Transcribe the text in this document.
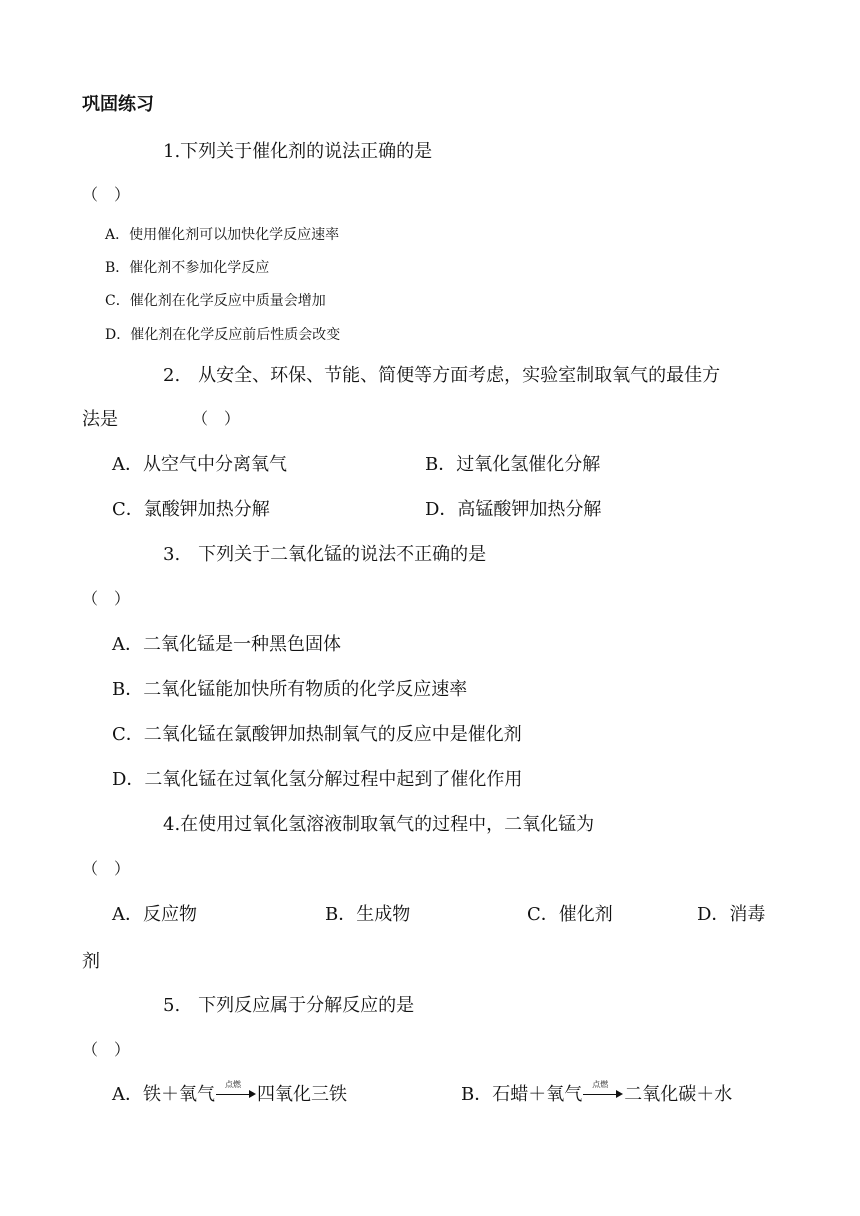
巩固练习
1.下列关于催化剂的说法正确的是
（　）
A．使用催化剂可以加快化学反应速率
B．催化剂不参加化学反应
C．催化剂在化学反应中质量会增加
D．催化剂在化学反应前后性质会改变
2.　从安全、环保、节能、简便等方面考虑，实验室制取氧气的最佳方
法是	（　）
A．从空气中分离氧气	B．过氧化氢催化分解
C．氯酸钾加热分解	D．高锰酸钾加热分解
3.　下列关于二氧化锰的说法不正确的是
（　）
A．二氧化锰是一种黑色固体
B．二氧化锰能加快所有物质的化学反应速率
C．二氧化锰在氯酸钾加热制氧气的反应中是催化剂
D．二氧化锰在过氧化氢分解过程中起到了催化作用
4.在使用过氧化氢溶液制取氧气的过程中，二氧化锰为
（　）
A．反应物	B．生成物	C．催化剂	D．消毒
剂
5.　下列反应属于分解反应的是
（　）
A．铁＋氧气	点燃 四氧化三铁	B．石蜡＋氧气	点燃 二氧化碳＋水
